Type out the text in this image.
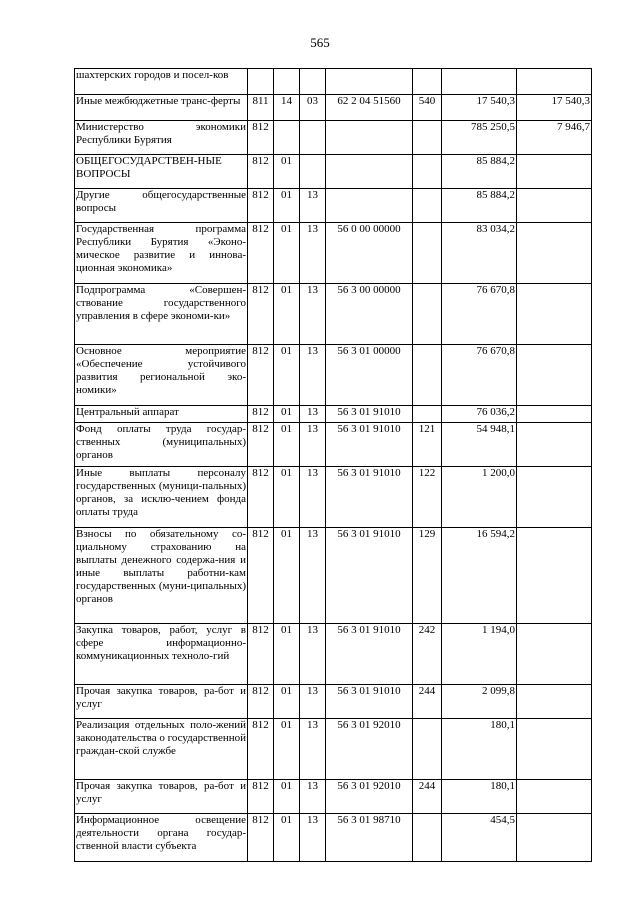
565
шахтерских городов и посел-ков							
Иные межбюджетные транс-ферты	811	14	03	62 2 04 51560	540	17 540,3	17 540,3
Министерство экономики Республики Бурятия	812					785 250,5	7 946,7
ОБЩЕГОСУДАРСТВЕН-НЫЕ ВОПРОСЫ	812	01				85 884,2	
Другие общегосударственные вопросы	812	01	13			85 884,2	
Государственная программа Республики Бурятия «Эконо-мическое развитие и иннова-ционная экономика»	812	01	13	56 0 00 00000		83 034,2	
Подпрограмма «Совершен-ствование государственного управления в сфере экономи-ки»	812	01	13	56 3 00 00000		76 670,8	
Основное мероприятие «Обеспечение устойчивого развития региональной эко-номики»	812	01	13	56 3 01 00000		76 670,8	
Центральный аппарат	812	01	13	56 3 01 91010		76 036,2	
Фонд оплаты труда государ-ственных (муниципальных) органов	812	01	13	56 3 01 91010	121	54 948,1	
Иные выплаты персоналу государственных (муници-пальных) органов, за исклю-чением фонда оплаты труда	812	01	13	56 3 01 91010	122	1 200,0	
Взносы по обязательному со-циальному страхованию на выплаты денежного содержа-ния и иные выплаты работни-кам государственных (муни-ципальных) органов	812	01	13	56 3 01 91010	129	16 594,2	
Закупка товаров, работ, услуг в сфере информационно-коммуникационных техноло-гий	812	01	13	56 3 01 91010	242	1 194,0	
Прочая закупка товаров, ра-бот и услуг	812	01	13	56 3 01 91010	244	2 099,8	
Реализация отдельных поло-жений законодательства о государственной граждан-ской службе	812	01	13	56 3 01 92010		180,1	
Прочая закупка товаров, ра-бот и услуг	812	01	13	56 3 01 92010	244	180,1	
Информационное освещение деятельности органа государ-ственной власти субъекта	812	01	13	56 3 01 98710		454,5	
